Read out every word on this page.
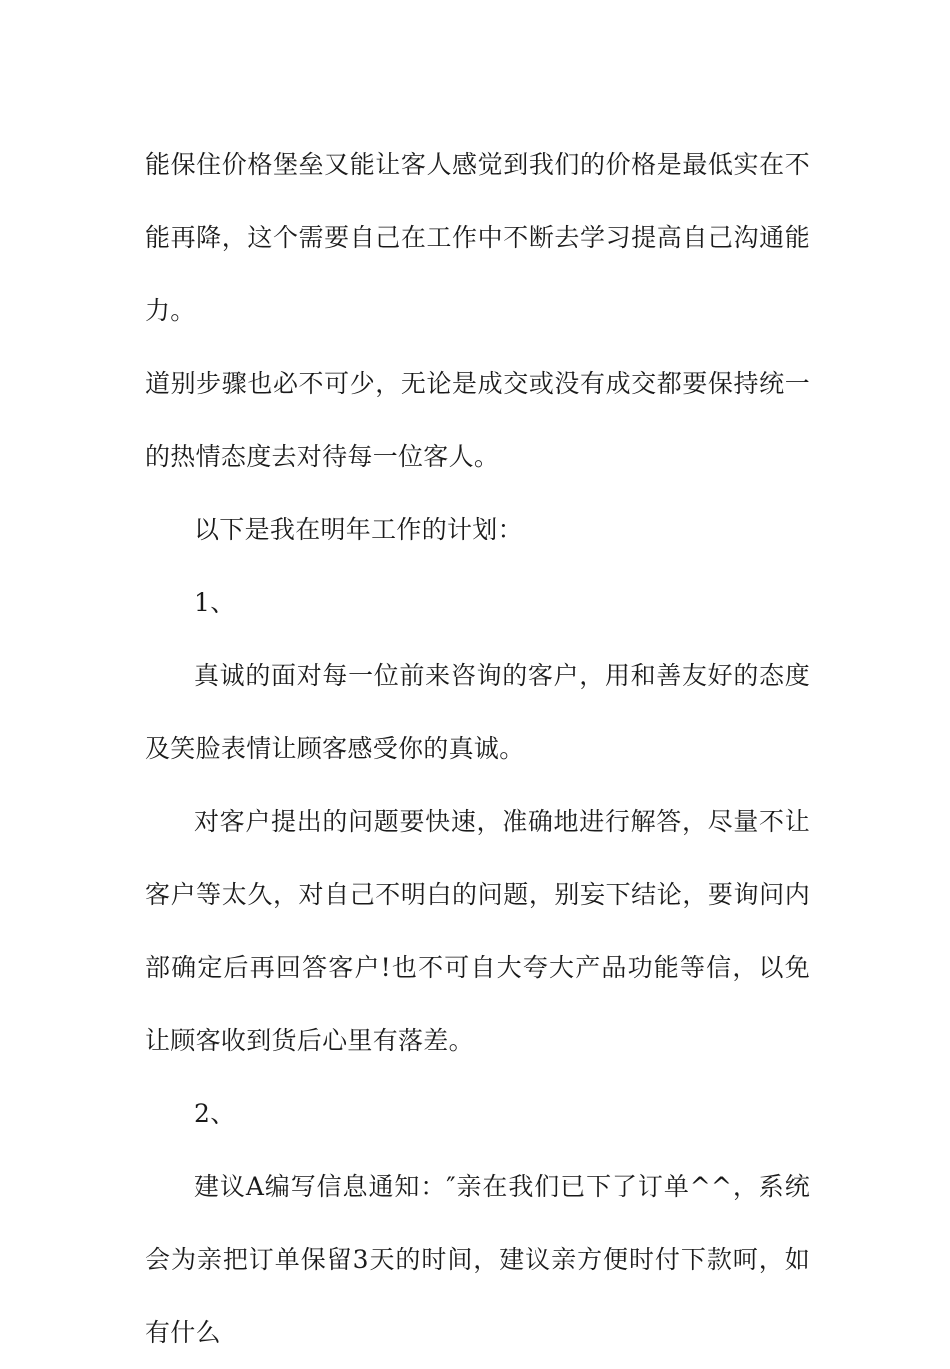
能保住价格堡垒又能让客人感觉到我们的价格是最低实在不能再降，这个需要自己在工作中不断去学习提高自己沟通能力。

道别步骤也必不可少，无论是成交或没有成交都要保持统一的热情态度去对待每一位客人。

以下是我在明年工作的计划：

1、

真诚的面对每一位前来咨询的客户，用和善友好的态度及笑脸表情让顾客感受你的真诚。

对客户提出的问题要快速，准确地进行解答，尽量不让客户等太久，对自己不明白的问题，别妄下结论，要询问内部确定后再回答客户!也不可自大夸大产品功能等信，以免让顾客收到货后心里有落差。

2、

建议A编写信息通知：″亲在我们已下了订单^^，系统会为亲把订单保留3天的时间，建议亲方便时付下款呵，如有什么
